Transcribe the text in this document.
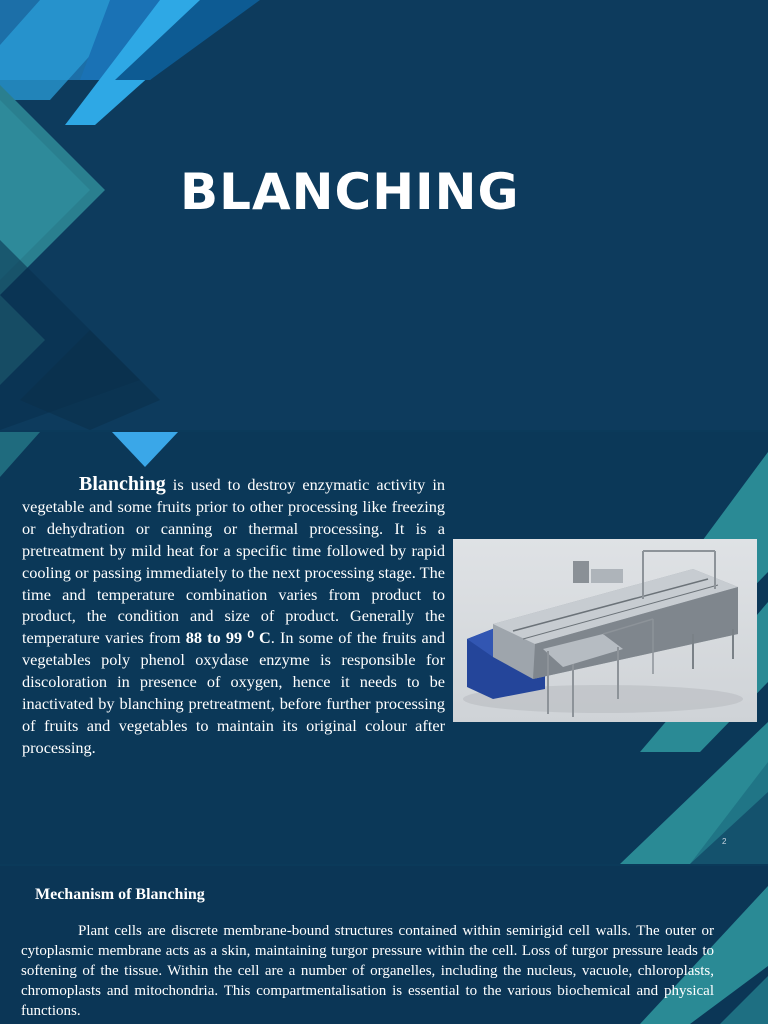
BLANCHING

Blanching is used to destroy enzymatic activity in vegetable and some fruits prior to other processing like freezing or dehydration or canning or thermal processing. It is a pretreatment by mild heat for a specific time followed by rapid cooling or passing immediately to the next processing stage. The time and temperature combination varies from product to product, the condition and size of product. Generally the temperature varies from 88 to 99 ⁰ C. In some of the fruits and vegetables poly phenol oxydase enzyme is responsible for discoloration in presence of oxygen, hence it needs to be inactivated by blanching pretreatment, before further processing of fruits and vegetables to maintain its original colour after processing.

2
Mechanism of Blanching

Plant cells are discrete membrane-bound structures contained within semirigid cell walls. The outer or cytoplasmic membrane acts as a skin, maintaining turgor pressure within the cell. Loss of turgor pressure leads to softening of the tissue. Within the cell are a number of organelles, including the nucleus, vacuole, chloroplasts, chromoplasts and mitochondria. This compartmentalisation is essential to the various biochemical and physical functions.
